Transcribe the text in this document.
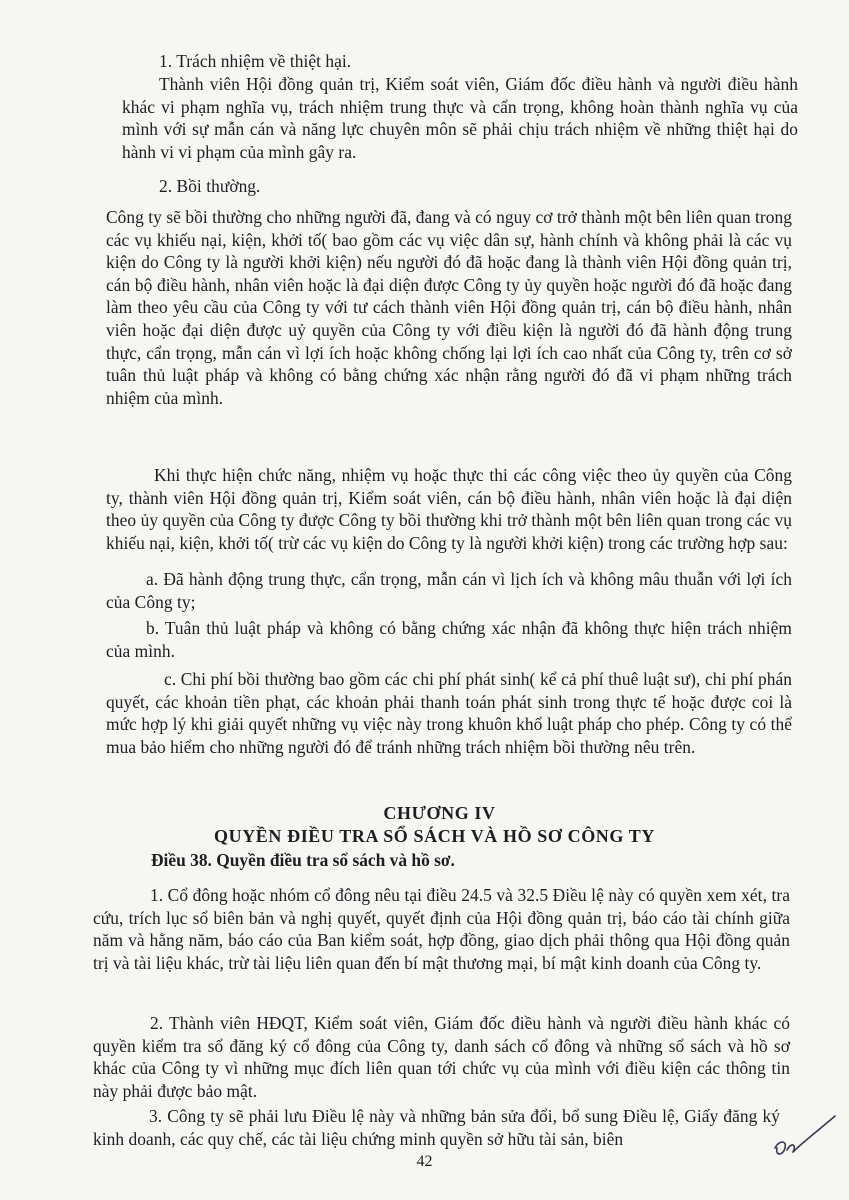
1. Trách nhiệm về thiệt hại.
Thành viên Hội đồng quản trị, Kiểm soát viên, Giám đốc điều hành và người điều hành khác vi phạm nghĩa vụ, trách nhiệm trung thực và cẩn trọng, không hoàn thành nghĩa vụ của mình với sự mẫn cán và năng lực chuyên môn sẽ phải chịu trách nhiệm về những thiệt hại do hành vi vi phạm của mình gây ra.
2. Bồi thường.
Công ty sẽ bồi thường cho những người đã, đang và có nguy cơ trở thành một bên liên quan trong các vụ khiếu nại, kiện, khởi tố( bao gồm các vụ việc dân sự, hành chính và không phải là các vụ kiện do Công ty là người khởi kiện) nếu người đó đã hoặc đang là thành viên Hội đồng quản trị, cán bộ điều hành, nhân viên hoặc là đại diện được Công ty ủy quyền hoặc người đó đã hoặc đang làm theo yêu cầu của Công ty với tư cách thành viên Hội đồng quản trị, cán bộ điều hành, nhân viên hoặc đại diện được uỷ quyền của Công ty với điều kiện là người đó đã hành động trung thực, cẩn trọng, mẫn cán vì lợi ích hoặc không chống lại lợi ích cao nhất của Công ty, trên cơ sở tuân thủ luật pháp và không có bằng chứng xác nhận rằng người đó đã vi phạm những trách nhiệm của mình.
Khi thực hiện chức năng, nhiệm vụ hoặc thực thi các công việc theo ủy quyền của Công ty, thành viên Hội đồng quản trị, Kiểm soát viên, cán bộ điều hành, nhân viên hoặc là đại diện theo ủy quyền của Công ty được Công ty bồi thường khi trở thành một bên liên quan trong các vụ khiếu nại, kiện, khởi tố( trừ các vụ kiện do Công ty là người khởi kiện) trong các trường hợp sau:
a. Đã hành động trung thực, cẩn trọng, mẫn cán vì lịch ích và không mâu thuẫn với lợi ích của Công ty;
b. Tuân thủ luật pháp và không có bằng chứng xác nhận đã không thực hiện trách nhiệm của mình.
c. Chi phí bồi thường bao gồm các chi phí phát sinh( kể cả phí thuê luật sư), chi phí phán quyết, các khoản tiền phạt, các khoản phải thanh toán phát sinh trong thực tế hoặc được coi là mức hợp lý khi giải quyết những vụ việc này trong khuôn khổ luật pháp cho phép. Công ty có thể mua bảo hiểm cho những người đó để tránh những trách nhiệm bồi thường nêu trên.
CHƯƠNG IV
QUYỀN ĐIỀU TRA SỔ SÁCH VÀ HỒ SƠ CÔNG TY
Điều 38. Quyền điều tra sổ sách và hồ sơ.
1. Cổ đông hoặc nhóm cổ đông nêu tại điều 24.5 và 32.5 Điều lệ này có quyền xem xét, tra cứu, trích lục sổ biên bản và nghị quyết, quyết định của Hội đồng quản trị, báo cáo tài chính giữa năm và hằng năm, báo cáo của Ban kiểm soát, hợp đồng, giao dịch phải thông qua Hội đồng quản trị và tài liệu khác, trừ tài liệu liên quan đến bí mật thương mại, bí mật kinh doanh của Công ty.
2. Thành viên HĐQT, Kiểm soát viên, Giám đốc điều hành và người điều hành khác có quyền kiểm tra sổ đăng ký cổ đông của Công ty, danh sách cổ đông và những sổ sách và hồ sơ khác của Công ty vì những mục đích liên quan tới chức vụ của mình với điều kiện các thông tin này phải được bảo mật.
3. Công ty sẽ phải lưu Điều lệ này và những bản sửa đổi, bổ sung Điều lệ, Giấy đăng ký kinh doanh, các quy chế, các tài liệu chứng minh quyền sở hữu tài sản, biên
42
